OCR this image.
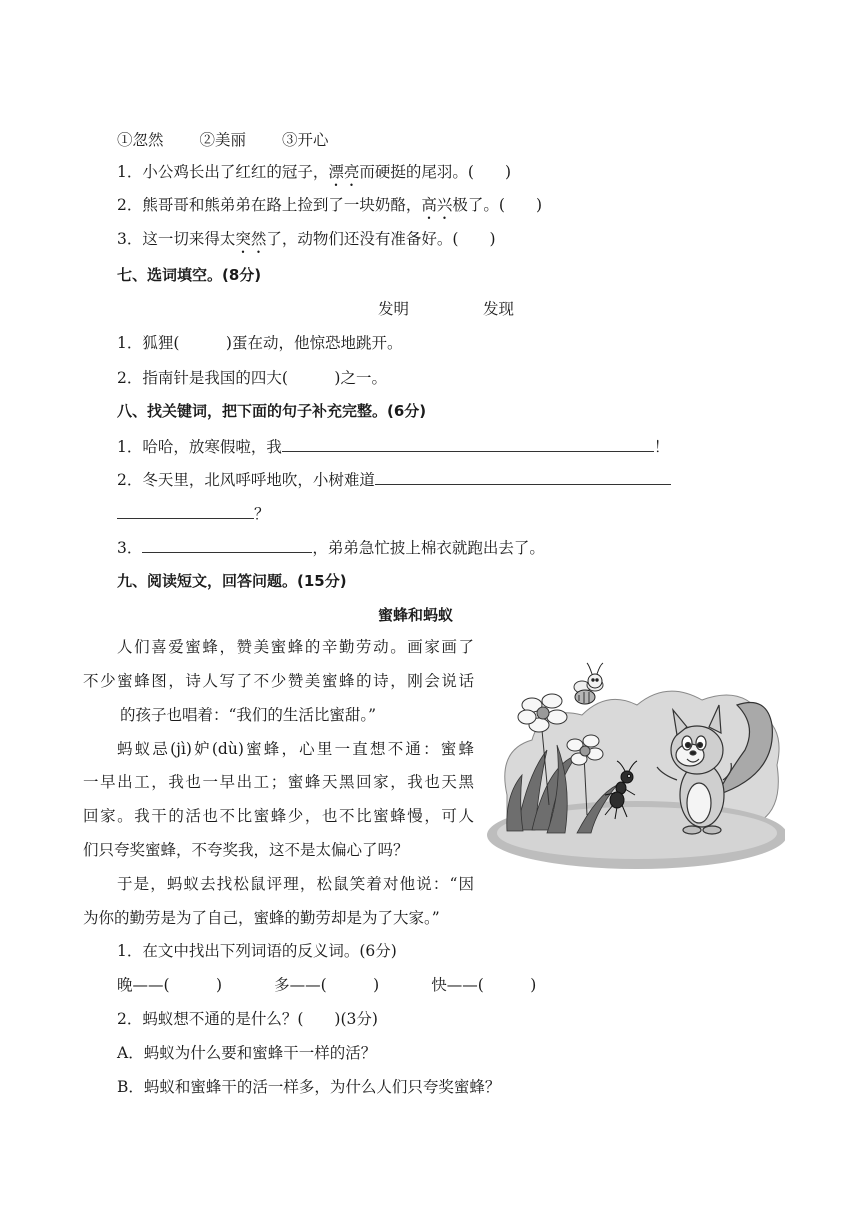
①忽然 ②美丽 ③开心
1．小公鸡长出了红红的冠子，漂亮而硬挺的尾羽。(　　)
2．熊哥哥和熊弟弟在路上捡到了一块奶酪，高兴极了。(　　)
3．这一切来得太突然了，动物们还没有准备好。(　　)
七、选词填空。(8分)
发明	发现
1．狐狸(　　　)蛋在动，他惊恐地跳开。
2．指南针是我国的四大(　　　)之一。
八、找关键词，把下面的句子补充完整。(6分)
1．哈哈，放寒假啦，我	！
2．冬天里，北风呼呼地吹，小树难道
？
3．	，弟弟急忙披上棉衣就跑出去了。
九、阅读短文，回答问题。(15分)
蜜蜂和蚂蚁
人们喜爱蜜蜂，赞美蜜蜂的辛勤劳动。画家画了
不少蜜蜂图，诗人写了不少赞美蜜蜂的诗，刚会说话
的孩子也唱着：“我们的生活比蜜甜。”
蚂蚁忌(jì)妒(dù)蜜蜂，心里一直想不通：蜜蜂
一早出工，我也一早出工；蜜蜂天黑回家，我也天黑
回家。我干的活也不比蜜蜂少，也不比蜜蜂慢，可人
们只夸奖蜜蜂，不夸奖我，这不是太偏心了吗？
于是，蚂蚁去找松鼠评理，松鼠笑着对他说：“因
为你的勤劳是为了自己，蜜蜂的勤劳却是为了大家。”
1．在文中找出下列词语的反义词。(6分)
晚——(　　　)	多——(　　　)	快——(　　　)
2．蚂蚁想不通的是什么？(　　)(3分)
A．蚂蚁为什么要和蜜蜂干一样的活？
B．蚂蚁和蜜蜂干的活一样多，为什么人们只夸奖蜜蜂？
